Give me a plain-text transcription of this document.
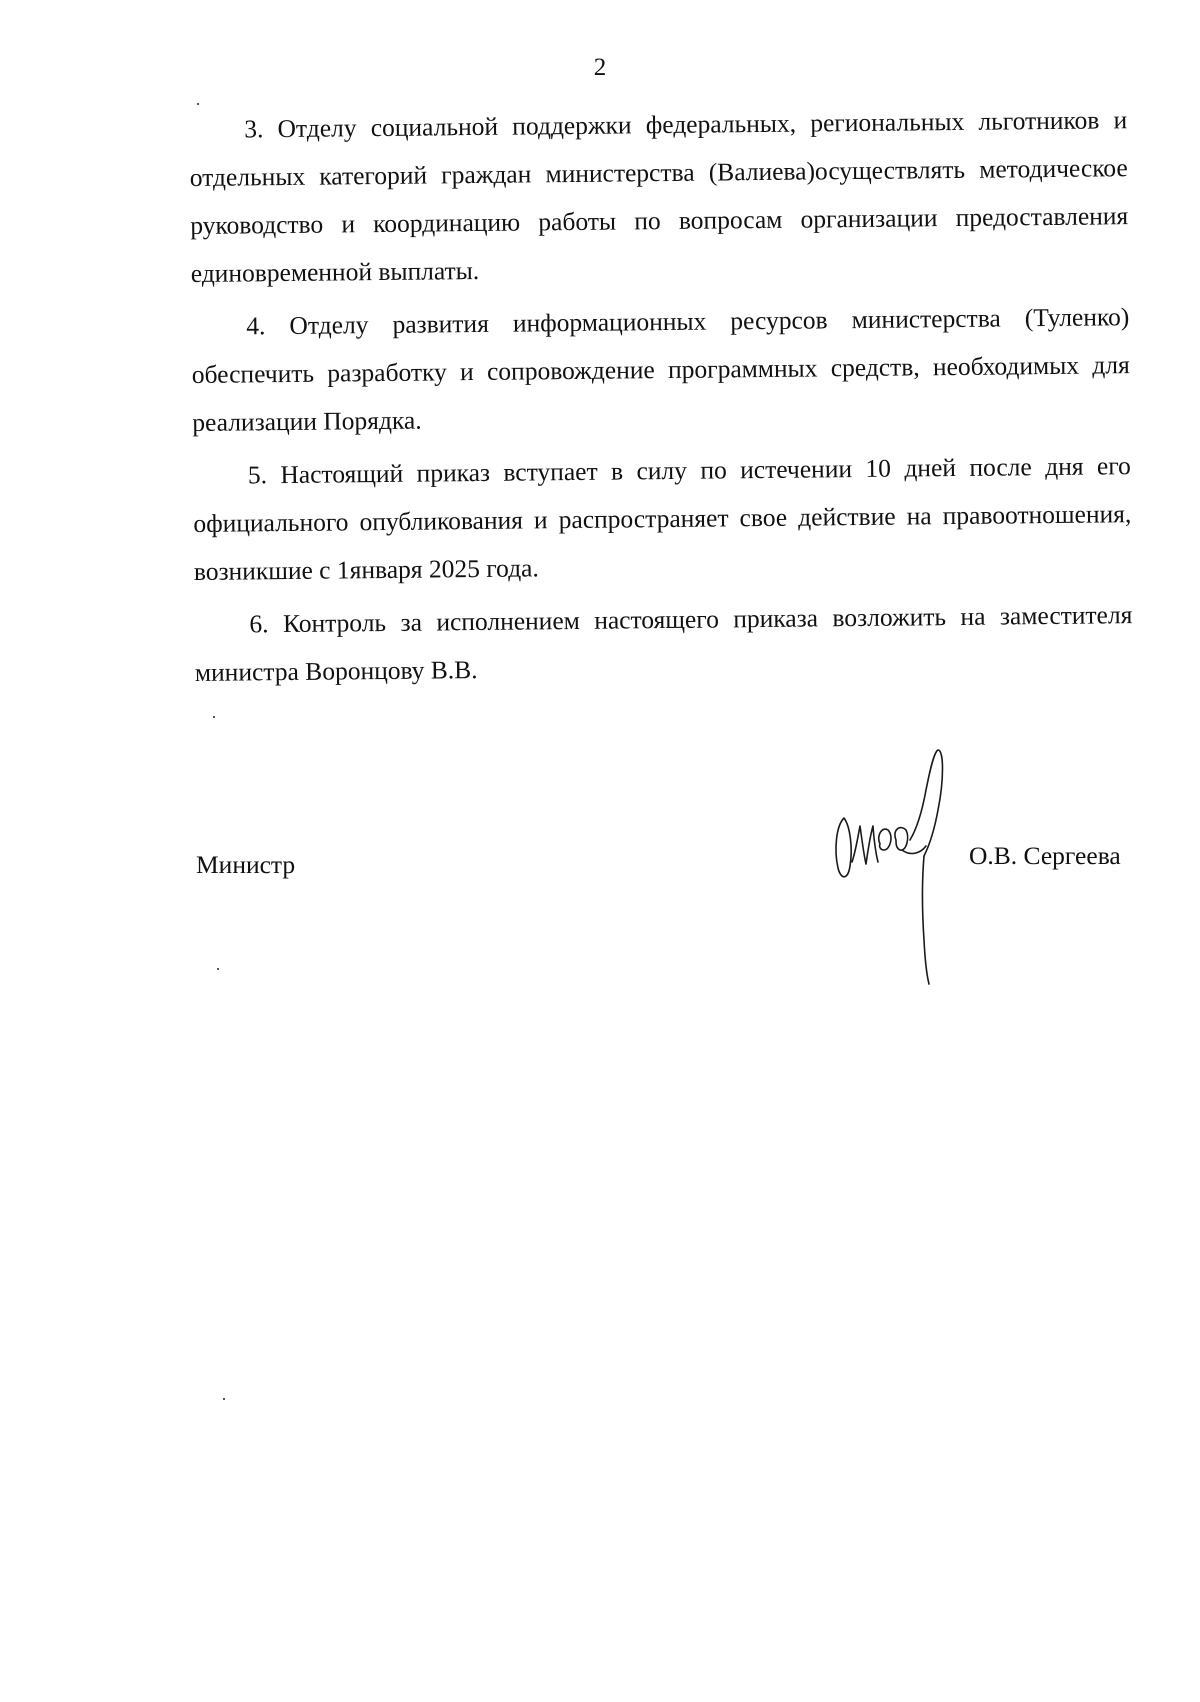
2

3. Отделу социальной поддержки федеральных, региональных льготников и отдельных категорий граждан министерства (Валиева)осуществлять методическое руководство и координацию работы по вопросам организации предоставления единовременной выплаты.

4. Отделу развития информационных ресурсов министерства (Туленко) обеспечить разработку и сопровождение программных средств, необходимых для реализации Порядка.

5. Настоящий приказ вступает в силу по истечении 10 дней после дня его официального опубликования и распространяет свое действие на правоотношения, возникшие с 1января 2025 года.

6. Контроль за исполнением настоящего приказа возложить на заместителя министра Воронцову В.В.

Министр	О.В. Сергеева
